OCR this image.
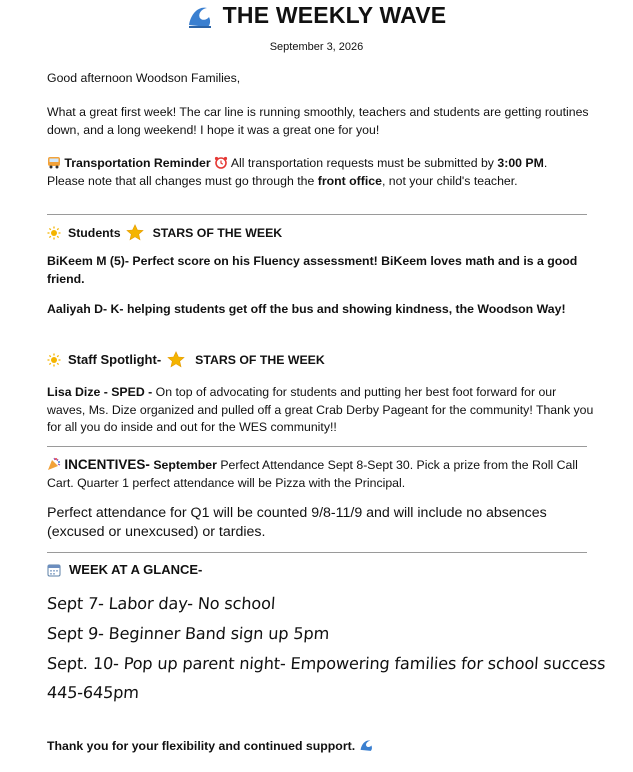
THE WEEKLY WAVE
September 3, 2026
Good afternoon Woodson Families,
What a great first week! The car line is running smoothly, teachers and students are getting routines down, and a long weekend! I hope it was a great one for you!
Transportation Reminder All transportation requests must be submitted by 3:00 PM.
Please note that all changes must go through the front office, not your child's teacher.
Students	STARS OF THE WEEK
BiKeem M (5)- Perfect score on his Fluency assessment! BiKeem loves math and is a good friend.
Aaliyah D- K- helping students get off the bus and showing kindness, the Woodson Way!
Staff Spotlight-	STARS OF THE WEEK
Lisa Dize - SPED - On top of advocating for students and putting her best foot forward for our waves, Ms. Dize organized and pulled off a great Crab Derby Pageant for the community! Thank you for all you do inside and out for the WES community!!
INCENTIVES- September Perfect Attendance Sept 8-Sept 30. Pick a prize from the Roll Call Cart. Quarter 1 perfect attendance will be Pizza with the Principal.
Perfect attendance for Q1 will be counted 9/8-11/9 and will include no absences (excused or unexcused) or tardies.
WEEK AT A GLANCE-
Sept 7- Labor day- No school
Sept 9- Beginner Band sign up 5pm
Sept. 10- Pop up parent night- Empowering families for school success
445-645pm
Thank you for your flexibility and continued support.
